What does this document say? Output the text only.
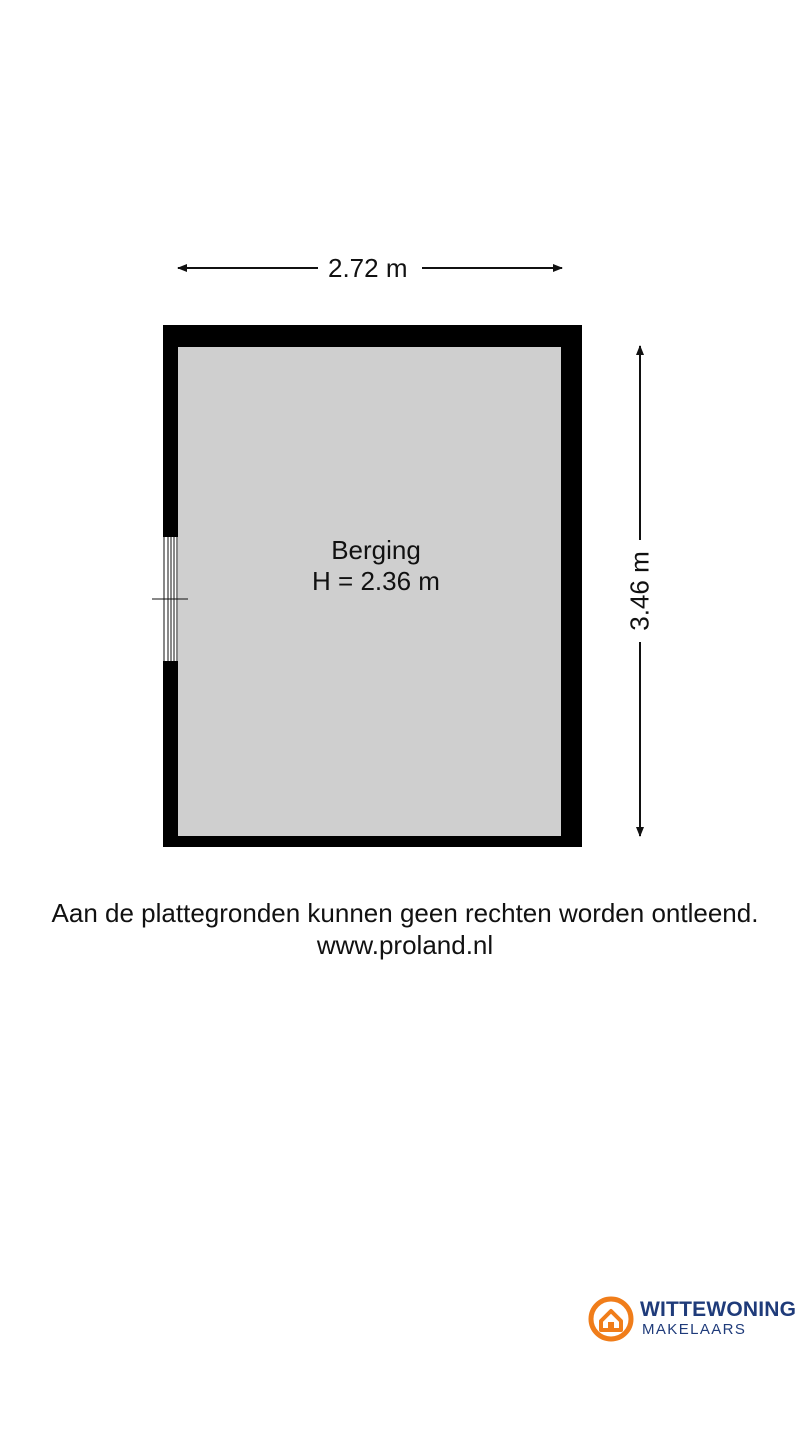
2.72 m
3.46 m
Berging
H = 2.36 m
Aan de plattegronden kunnen geen rechten worden ontleend.
www.proland.nl
WITTEWONING
MAKELAARS
